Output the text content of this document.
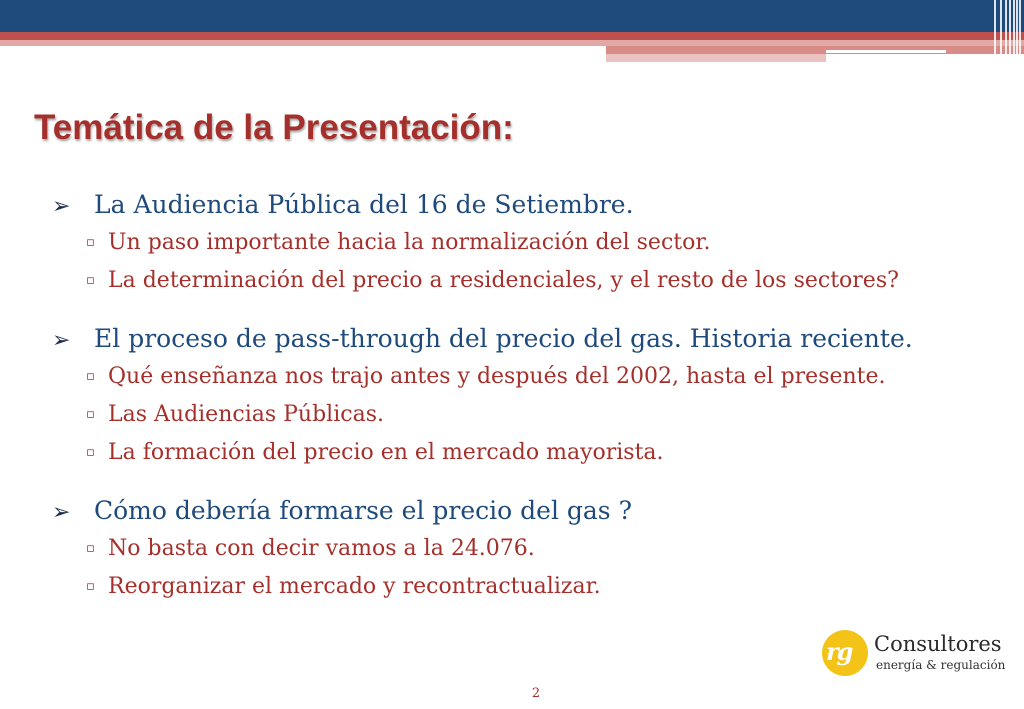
Temática de la Presentación:
➢ La Audiencia Pública del 16 de Setiembre.
▫ Un paso importante hacia la normalización del sector.
▫ La determinación del precio a residenciales, y el resto de los sectores?
➢ El proceso de pass-through del precio del gas. Historia reciente.
▫ Qué enseñanza nos trajo antes y después del 2002, hasta el presente.
▫ Las Audiencias Públicas.
▫ La formación del precio en el mercado mayorista.
➢ Cómo debería formarse el precio del gas ?
▫ No basta con decir vamos a la 24.076.
▫ Reorganizar el mercado y recontractualizar.
rg Consultores
energía & regulación
2
